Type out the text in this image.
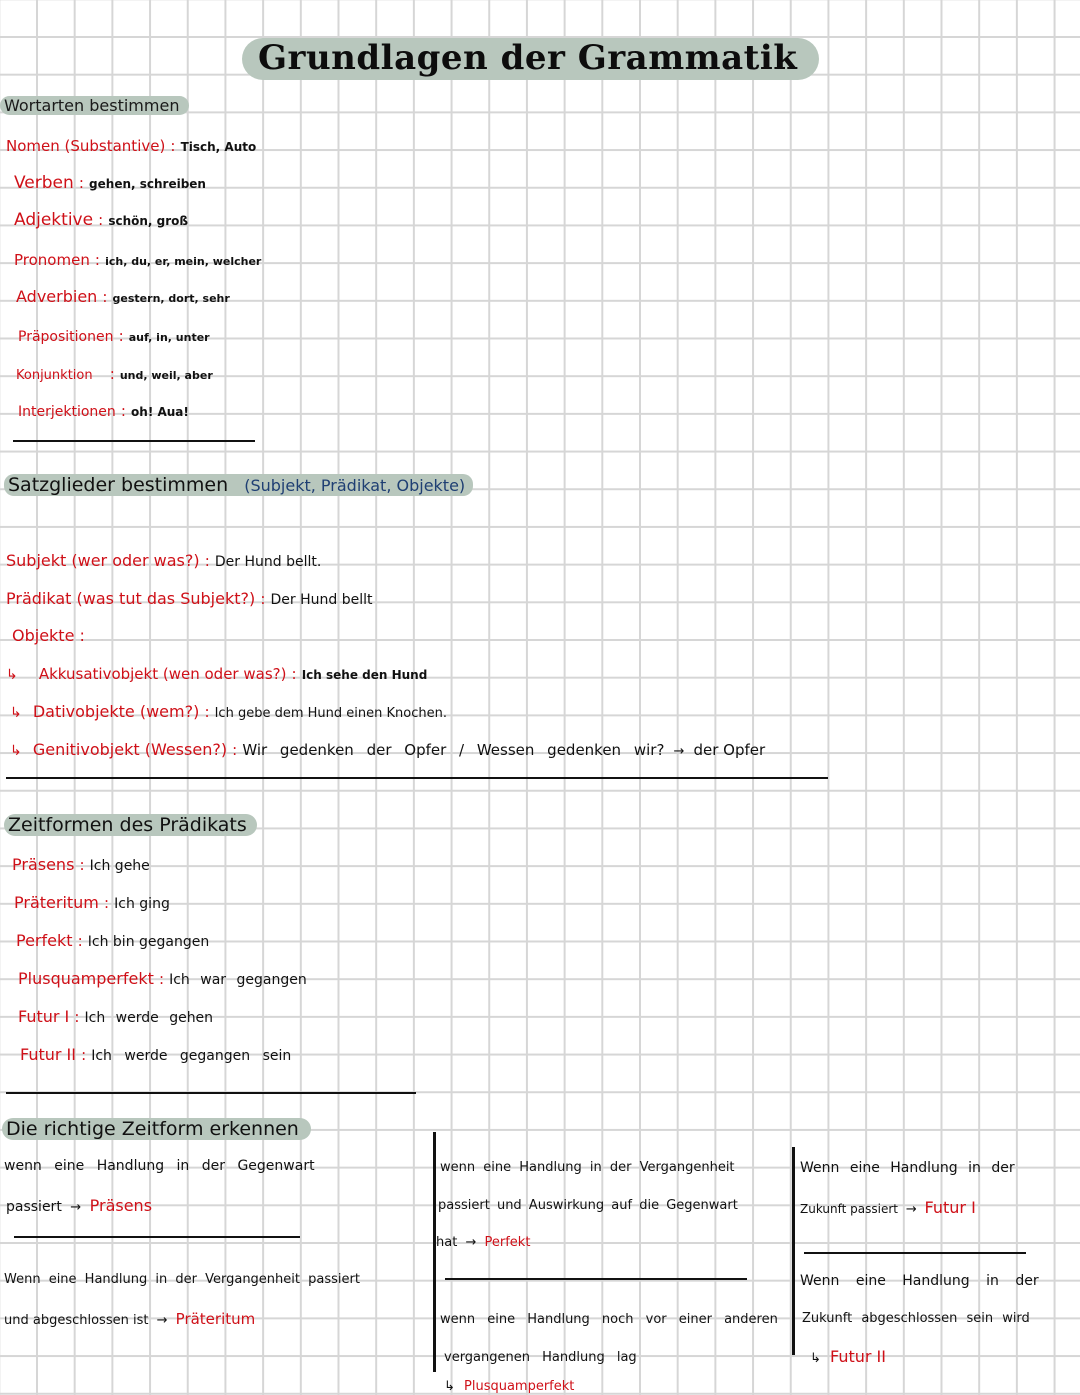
Grundlagen der Grammatik
Wortarten bestimmen
Nomen (Substantive) : Tisch, Auto
Verben : gehen, schreiben
Adjektive : schön, groß
Pronomen : ich, du, er, mein, welcher
Adverbien : gestern, dort, sehr
Präpositionen : auf, in, unter
Konjunktion : und, weil, aber
Interjektionen : oh! Aua!
Satzglieder bestimmen (Subjekt, Prädikat, Objekte)
Subjekt (wer oder was?) : Der Hund bellt.
Prädikat (was tut das Subjekt?) : Der Hund bellt
Objekte :
↳ Akkusativobjekt (wen oder was?) : Ich sehe den Hund
↳ Dativobjekte (wem?) : Ich gebe dem Hund einen Knochen.
↳ Genitivobjekt (Wessen?) : Wir gedenken der Opfer / Wessen gedenken wir? → der Opfer
Zeitformen des Prädikats
Präsens : Ich gehe
Präteritum : Ich ging
Perfekt : Ich bin gegangen
Plusquamperfekt : Ich war gegangen
Futur I : Ich werde gehen
Futur II : Ich werde gegangen sein
Die richtige Zeitform erkennen
wenn eine Handlung in der Gegenwart
passiert → Präsens
Wenn eine Handlung in der Vergangenheit passiert
und abgeschlossen ist → Präteritum
wenn eine Handlung in der Vergangenheit
passiert und Auswirkung auf die Gegenwart
hat → Perfekt
wenn eine Handlung noch vor einer anderen
vergangenen Handlung lag
↳ Plusquamperfekt
Wenn eine Handlung in der
Zukunft passiert → Futur I
Wenn eine Handlung in der
Zukunft abgeschlossen sein wird
↳ Futur II
